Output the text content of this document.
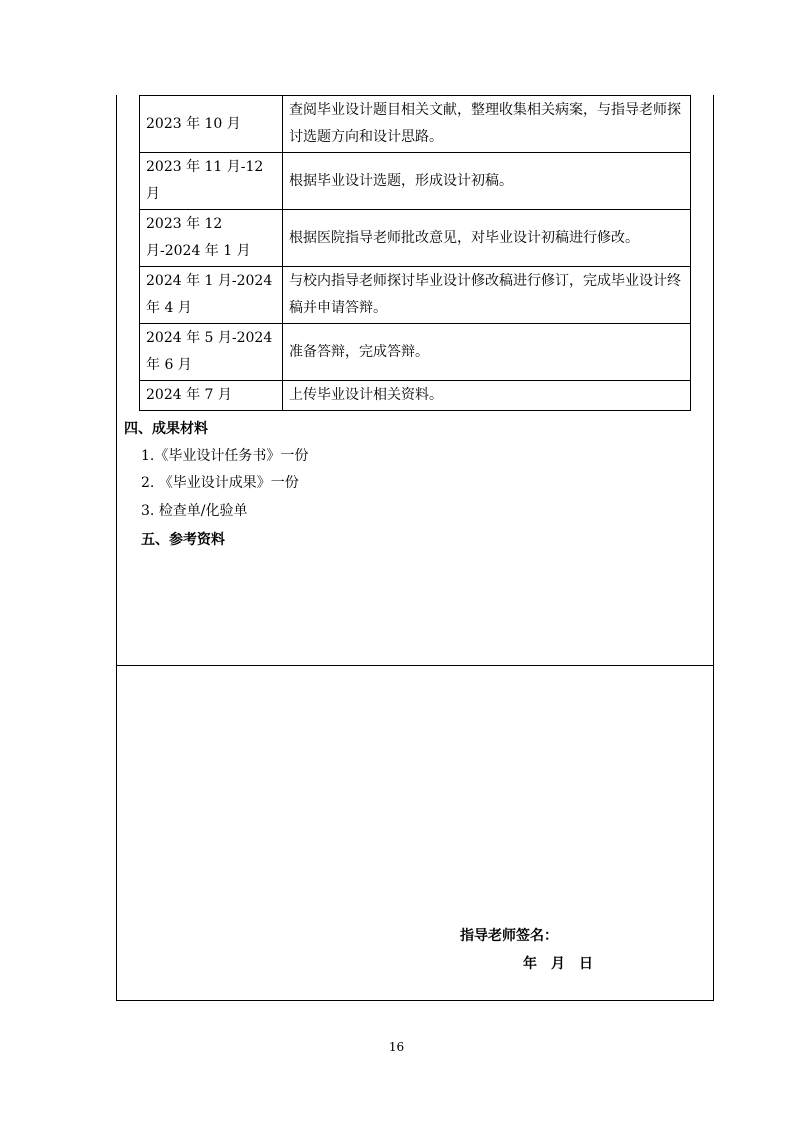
2023 年 10 月	查阅毕业设计题目相关文献，整理收集相关病案，与指导老师探讨选题方向和设计思路。
2023 年 11 月-12 月	根据毕业设计选题，形成设计初稿。
2023 年 12 月-2024 年 1 月	根据医院指导老师批改意见，对毕业设计初稿进行修改。
2024 年 1 月-2024 年 4 月	与校内指导老师探讨毕业设计修改稿进行修订，完成毕业设计终稿并申请答辩。
2024 年 5 月-2024 年 6 月	准备答辩，完成答辩。
2024 年 7 月	上传毕业设计相关资料。
四、成果材料
1.《毕业设计任务书》一份
2. 《毕业设计成果》一份
3. 检查单/化验单
五、参考资料
指导老师签名：
年　月　日
16
